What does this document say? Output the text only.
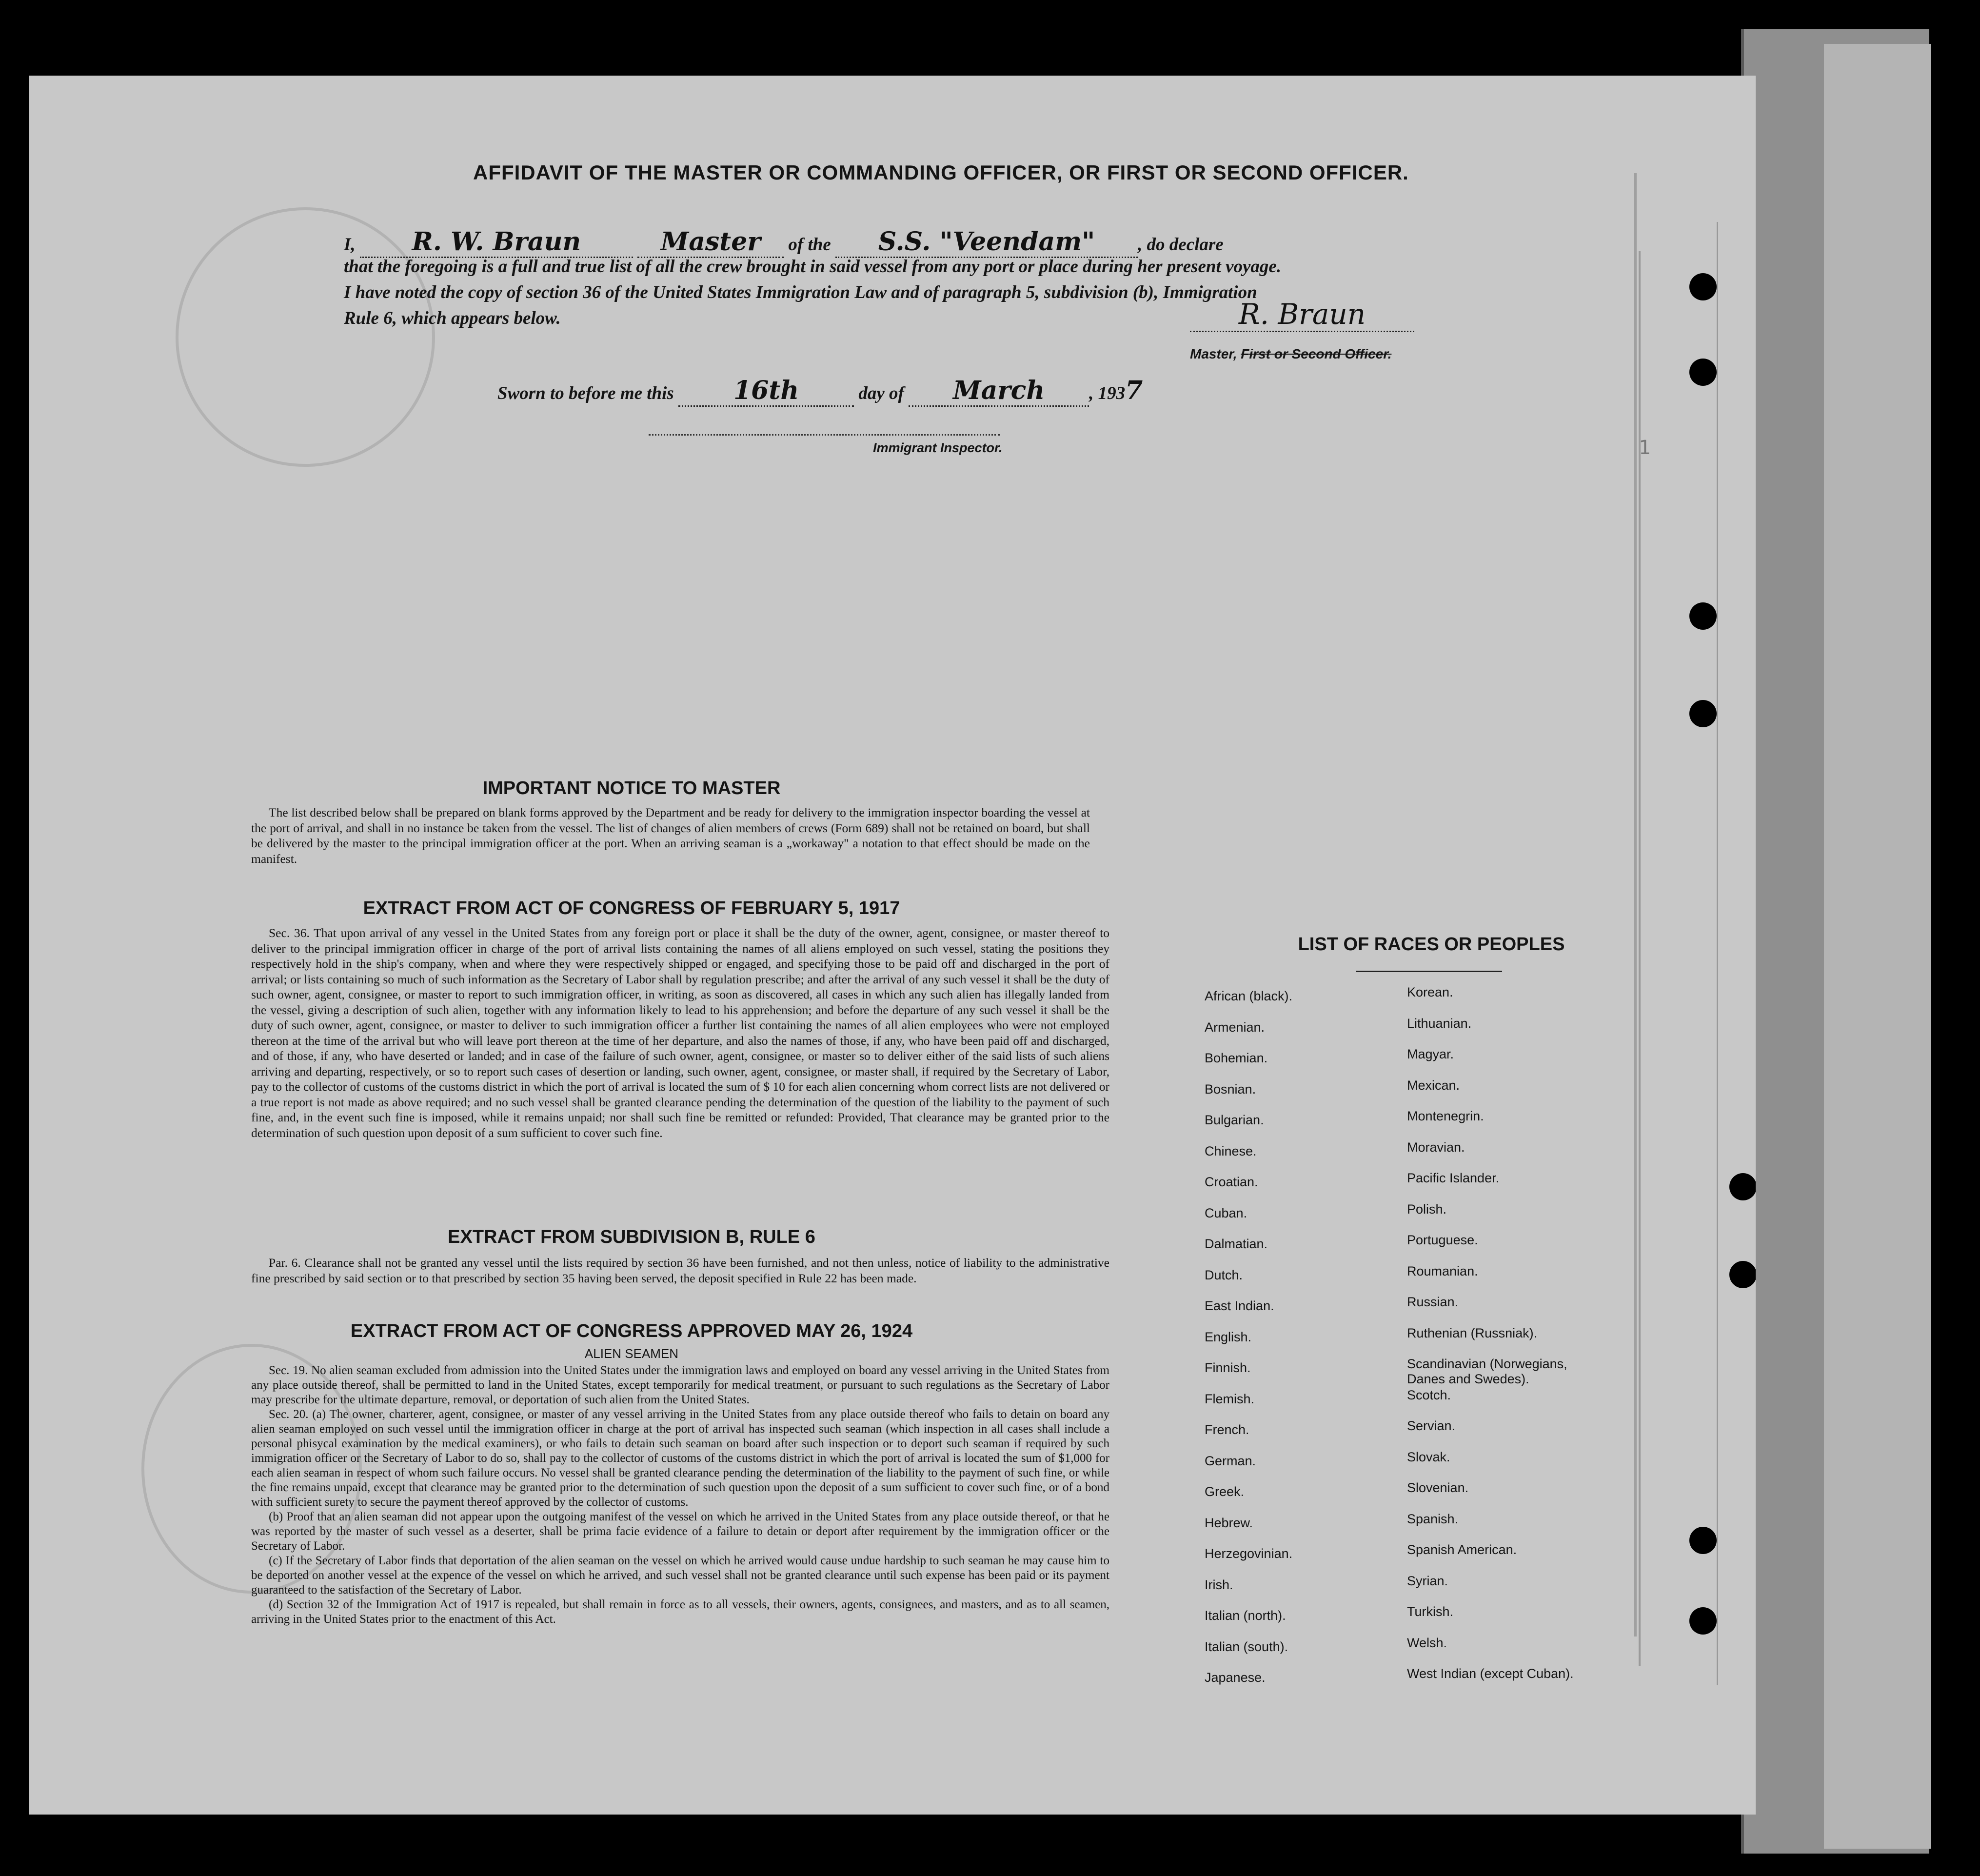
1
AFFIDAVIT OF THE MASTER OR COMMANDING OFFICER, OR FIRST OR SECOND OFFICER.
I, R. W. Braun	Master of the S.S. "Veendam" , do declare
that the foregoing is a full and true list of all the crew brought in said vessel from any port or place during her present voyage.
I have noted the copy of section 36 of the United States Immigration Law and of paragraph 5, subdivision (b), Immigration
Rule 6, which appears below.	R. Braun
Master, First or Second Officer.
Sworn to before me this 16th	day of March , 1937
Immigrant Inspector.
IMPORTANT NOTICE TO MASTER

The list described below shall be prepared on blank forms approved by the Department and be ready for delivery to the immigration inspector boarding the vessel at the port of arrival, and shall in no instance be taken from the vessel. The list of changes of alien members of crews (Form 689) shall not be retained on board, but shall be delivered by the master to the principal immigration officer at the port. When an arriving seaman is a „workaway" a notation to that effect should be made on the manifest.

EXTRACT FROM ACT OF CONGRESS OF FEBRUARY 5, 1917

Sec. 36. That upon arrival of any vessel in the United States from any foreign port or place it shall be the duty of the owner, agent, consignee, or master thereof to deliver to the principal immigration officer in charge of the port of arrival lists containing the names of all aliens employed on such vessel, stating the positions they respectively hold in the ship's company, when and where they were respectively shipped or engaged, and specifying those to be paid off and discharged in the port of arrival; or lists containing so much of such information as the Secretary of Labor shall by regulation prescribe; and after the arrival of any such vessel it shall be the duty of such owner, agent, consignee, or master to report to such immigration officer, in writing, as soon as discovered, all cases in which any such alien has illegally landed from the vessel, giving a description of such alien, together with any information likely to lead to his apprehension; and before the departure of any such vessel it shall be the duty of such owner, agent, consignee, or master to deliver to such immigration officer a further list containing the names of all alien employees who were not employed thereon at the time of the arrival but who will leave port thereon at the time of her departure, and also the names of those, if any, who have been paid off and discharged, and of those, if any, who have deserted or landed; and in case of the failure of such owner, agent, consignee, or master so to deliver either of the said lists of such aliens arriving and departing, respectively, or so to report such cases of desertion or landing, such owner, agent, consignee, or master shall, if required by the Secretary of Labor, pay to the collector of customs of the customs district in which the port of arrival is located the sum of $ 10 for each alien concerning whom correct lists are not delivered or a true report is not made as above required; and no such vessel shall be granted clearance pending the determination of the question of the liability to the payment of such fine, and, in the event such fine is imposed, while it remains unpaid; nor shall such fine be remitted or refunded: Provided, That clearance may be granted prior to the determination of such question upon deposit of a sum sufficient to cover such fine.

EXTRACT FROM SUBDIVISION B, RULE 6

Par. 6. Clearance shall not be granted any vessel until the lists required by section 36 have been furnished, and not then unless, notice of liability to the administrative fine prescribed by said section or to that prescribed by section 35 having been served, the deposit specified in Rule 22 has been made.

EXTRACT FROM ACT OF CONGRESS APPROVED MAY 26, 1924
ALIEN SEAMEN

Sec. 19. No alien seaman excluded from admission into the United States under the immigration laws and employed on board any vessel arriving in the United States from any place outside thereof, shall be permitted to land in the United States, except temporarily for medical treatment, or pursuant to such regulations as the Secretary of Labor may prescribe for the ultimate departure, removal, or deportation of such alien from the United States.

Sec. 20. (a) The owner, charterer, agent, consignee, or master of any vessel arriving in the United States from any place outside thereof who fails to detain on board any alien seaman employed on such vessel until the immigration officer in charge at the port of arrival has inspected such seaman (which inspection in all cases shall include a personal phisycal examination by the medical examiners), or who fails to detain such seaman on board after such inspection or to deport such seaman if required by such immigration officer or the Secretary of Labor to do so, shall pay to the collector of customs of the customs district in which the port of arrival is located the sum of $1,000 for each alien seaman in respect of whom such failure occurs. No vessel shall be granted clearance pending the determination of the liability to the payment of such fine, or while the fine remains unpaid, except that clearance may be granted prior to the determination of such question upon the deposit of a sum sufficient to cover such fine, or of a bond with sufficient surety to secure the payment thereof approved by the collector of customs.

(b) Proof that an alien seaman did not appear upon the outgoing manifest of the vessel on which he arrived in the United States from any place outside thereof, or that he was reported by the master of such vessel as a deserter, shall be prima facie evidence of a failure to detain or deport after requirement by the immigration officer or the Secretary of Labor.

(c) If the Secretary of Labor finds that deportation of the alien seaman on the vessel on which he arrived would cause undue hardship to such seaman he may cause him to be deported on another vessel at the expence of the vessel on which he arrived, and such vessel shall not be granted clearance until such expense has been paid or its payment guaranteed to the satisfaction of the Secretary of Labor.

(d) Section 32 of the Immigration Act of 1917 is repealed, but shall remain in force as to all vessels, their owners, agents, consignees, and masters, and as to all seamen, arriving in the United States prior to the enactment of this Act.

LIST OF RACES OR PEOPLES
African (black).
Armenian.
Bohemian.
Bosnian.
Bulgarian.
Chinese.
Croatian.
Cuban.
Dalmatian.
Dutch.
East Indian.
English.
Finnish.
Flemish.
French.
German.
Greek.
Hebrew.
Herzegovinian.
Irish.
Italian (north).
Italian (south).
Japanese.
Korean.
Lithuanian.
Magyar.
Mexican.
Montenegrin.
Moravian.
Pacific Islander.
Polish.
Portuguese.
Roumanian.
Russian.
Ruthenian (Russniak).
Scandinavian (Norwegians, Danes and Swedes).
Scotch.
Servian.
Slovak.
Slovenian.
Spanish.
Spanish American.
Syrian.
Turkish.
Welsh.
West Indian (except Cuban).
